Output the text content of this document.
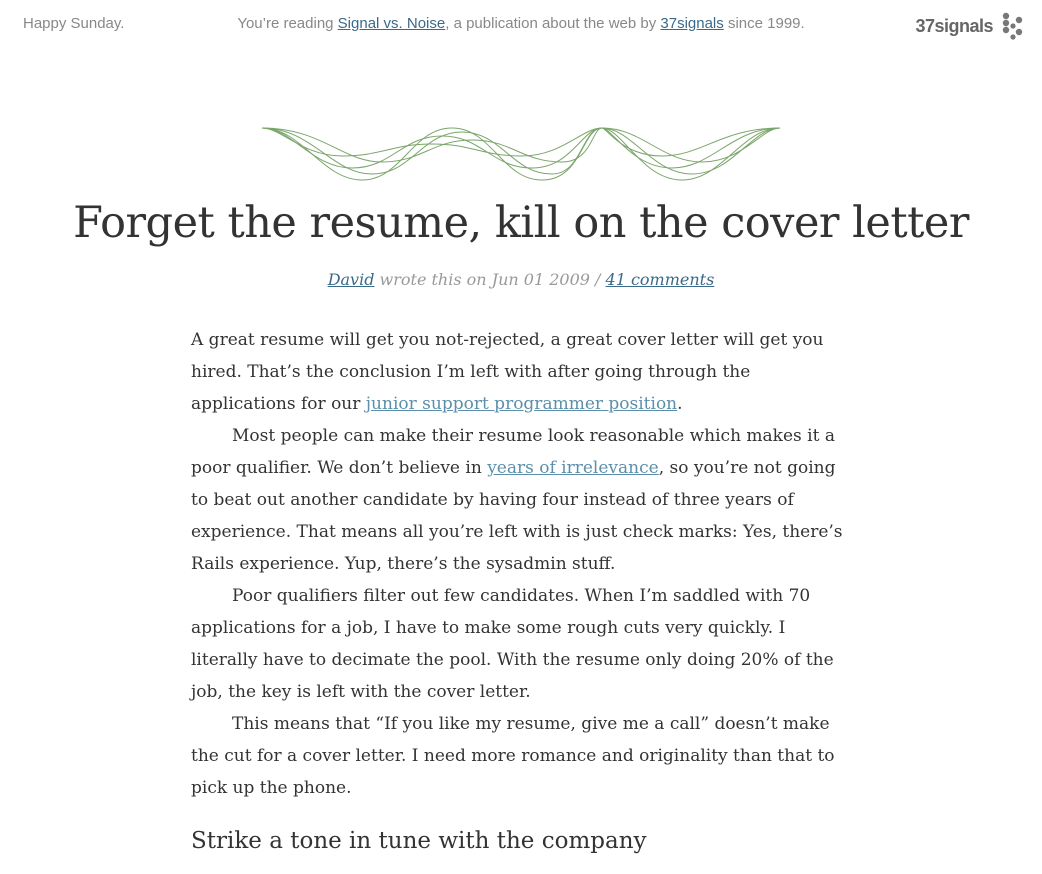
Happy Sunday.	You’re reading Signal vs. Noise, a publication about the web by 37signals since 1999.	37signals
Forget the resume, kill on the cover letter
David wrote this on Jun 01 2009 / 41 comments

A great resume will get you not-rejected, a great cover letter will get you hired. That’s the conclusion I’m left with after going through the applications for our junior support programmer position.

Most people can make their resume look reasonable which makes it a poor qualifier. We don’t believe in years of irrelevance, so you’re not going to beat out another candidate by having four instead of three years of experience. That means all you’re left with is just check marks: Yes, there’s Rails experience. Yup, there’s the sysadmin stuff.

Poor qualifiers filter out few candidates. When I’m saddled with 70 applications for a job, I have to make some rough cuts very quickly. I literally have to decimate the pool. With the resume only doing 20% of the job, the key is left with the cover letter.

This means that “If you like my resume, give me a call” doesn’t make the cut for a cover letter. I need more romance and originality than that to pick up the phone.

Strike a tone in tune with the company
